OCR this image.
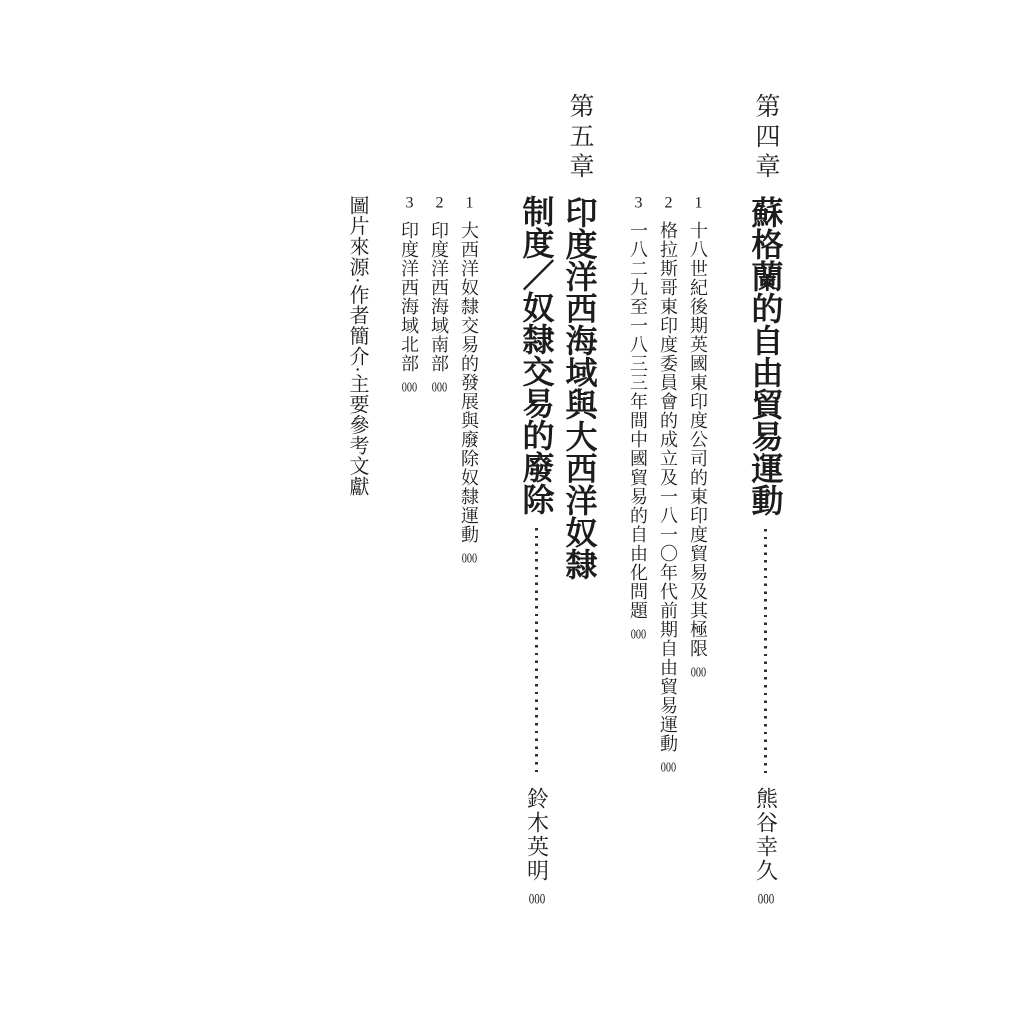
第四章
蘇格蘭的自由貿易運動
熊谷幸久
000
1
十八世紀後期英國東印度公司的東印度貿易及其極限
000
2
格拉斯哥東印度委員會的成立及一八一〇年代前期自由貿易運動
000
3
一八二九至一八三三年間中國貿易的自由化問題
000
第五章
印度洋西海域與大西洋奴隸
制度／奴隸交易的廢除
鈴木英明
000
1
大西洋奴隸交易的發展與廢除奴隸運動
000
2
印度洋西海域南部
000
3
印度洋西海域北部
000
圖片來源·作者簡介·主要參考文獻
